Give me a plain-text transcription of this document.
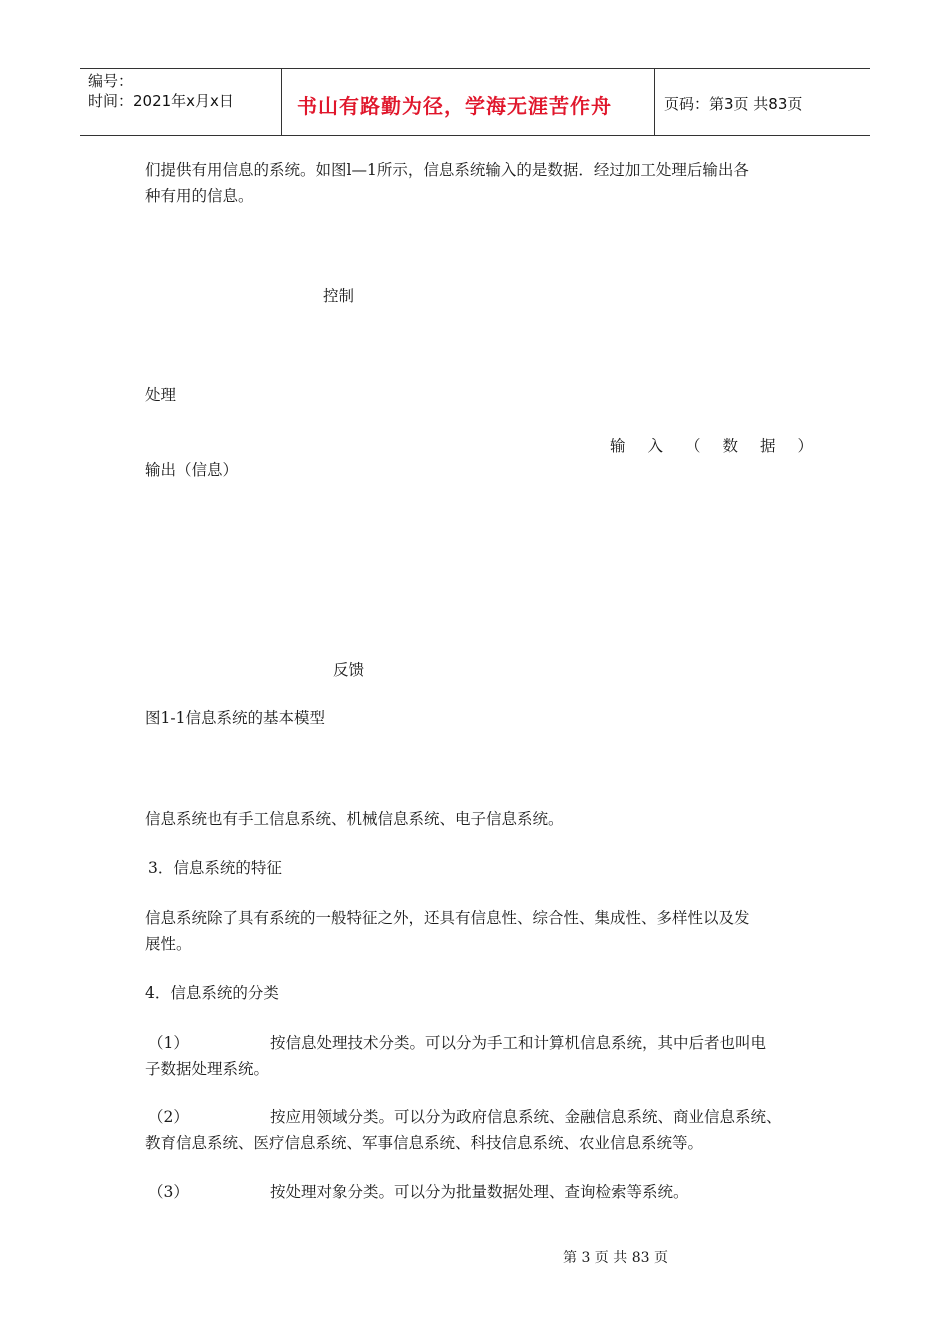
编号：
时间：2021年x月x日	书山有路勤为径，学海无涯苦作舟	页码：第3页 共83页
们提供有用信息的系统。如图l—1所示，信息系统输入的是数据．经过加工处理后输出各
种有用的信息。
控制
处理
输入（数据）
输出（信息）
反馈
图1-1信息系统的基本模型
信息系统也有手工信息系统、机械信息系统、电子信息系统。
3．信息系统的特征
信息系统除了具有系统的一般特征之外，还具有信息性、综合性、集成性、多样性以及发
展性。
4．信息系统的分类
（1）	按信息处理技术分类。可以分为手工和计算机信息系统，其中后者也叫电
子数据处理系统。
（2）	按应用领域分类。可以分为政府信息系统、金融信息系统、商业信息系统、
教育信息系统、医疗信息系统、军事信息系统、科技信息系统、农业信息系统等。
（3）	按处理对象分类。可以分为批量数据处理、查询检索等系统。
第 3 页 共 83 页
